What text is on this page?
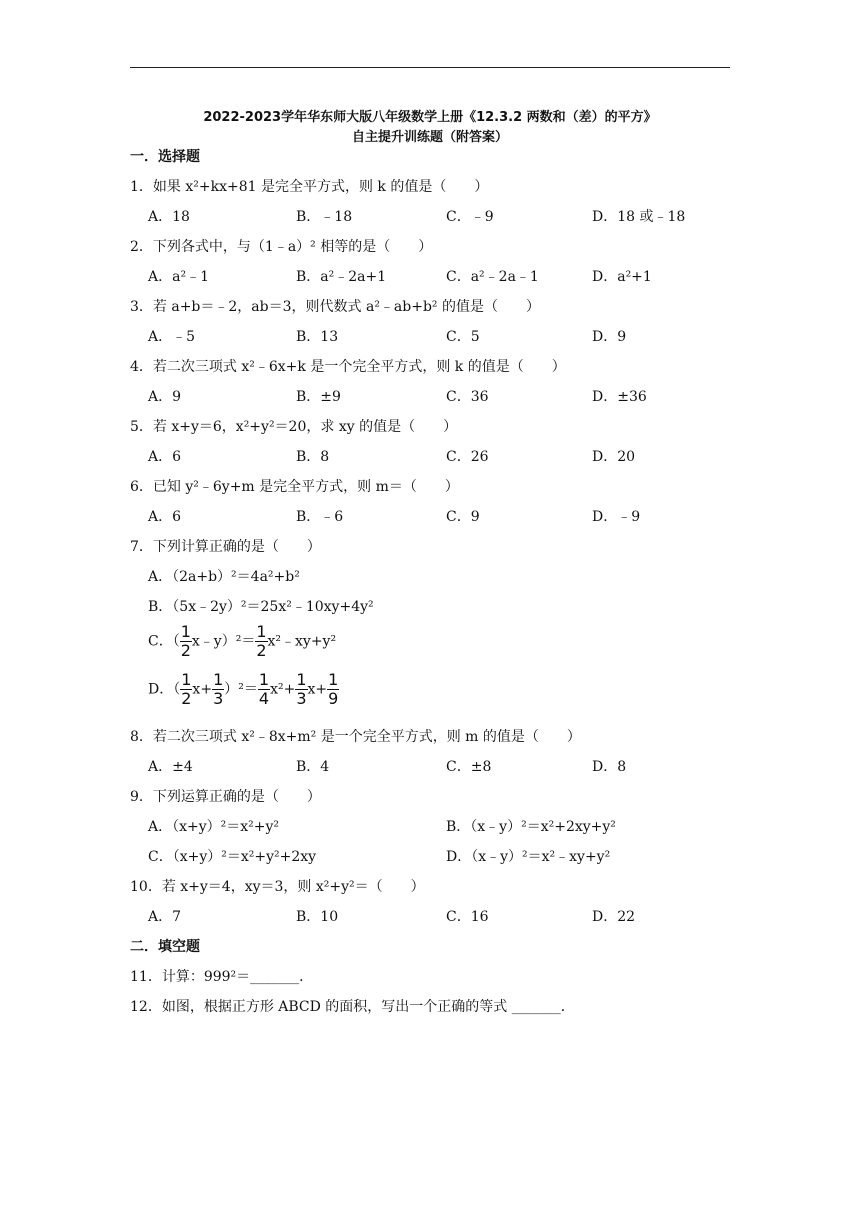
2022-2023学年华东师大版八年级数学上册《12.3.2 两数和（差）的平方》
自主提升训练题（附答案）
一．选择题
1．如果 x²+kx+81 是完全平方式，则 k 的值是（　　）
A．18	B．﹣18	C．﹣9	D．18 或﹣18
2．下列各式中，与（1﹣a）² 相等的是（　　）
A．a²﹣1	B．a²﹣2a+1	C．a²﹣2a﹣1	D．a²+1
3．若 a+b＝﹣2，ab＝3，则代数式 a²﹣ab+b² 的值是（　　）
A．﹣5	B．13	C．5	D．9
4．若二次三项式 x²﹣6x+k 是一个完全平方式，则 k 的值是（　　）
A．9	B．±9	C．36	D．±36
5．若 x+y＝6，x²+y²＝20，求 xy 的值是（　　）
A．6	B．8	C．26	D．20
6．已知 y²﹣6y+m 是完全平方式，则 m＝（　　）
A．6	B．﹣6	C．9	D．﹣9
7．下列计算正确的是（　　）
A．（2a+b）²＝4a²+b²
B．（5x﹣2y）²＝25x²﹣10xy+4y²
C．（ $\frac{1}{2}$ x﹣y）²＝ $\frac{1}{2}$ x²﹣xy+y²
D．（ $\frac{1}{2} x+ \frac{1}{3} )^2= \frac{1}{4} x^2+ \frac{1}{3} x+ \frac{1}{9}$
8．若二次三项式 x²﹣8x+m² 是一个完全平方式，则 m 的值是（　　）
A．±4	B．4	C．±8	D．8
9．下列运算正确的是（　　）
A．（x+y）²＝x²+y²	B．（x﹣y）²＝x²+2xy+y²
C．（x+y）²＝x²+y²+2xy	D．（x﹣y）²＝x²﹣xy+y²
10．若 x+y＝4，xy＝3，则 x²+y²＝（　　）
A．7	B．10	C．16	D．22
二．填空题
11．计算：999²＝_______．
12．如图，根据正方形 ABCD 的面积，写出一个正确的等式 _______．
